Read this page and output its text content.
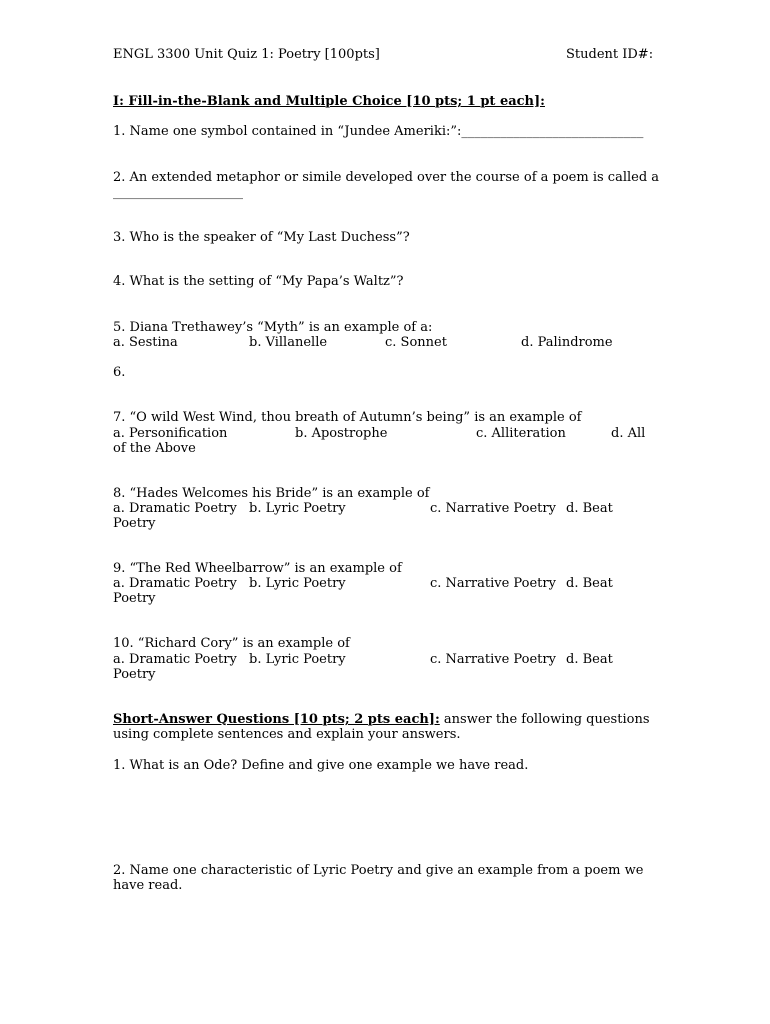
ENGL 3300 Unit Quiz 1: Poetry [100pts]	Student ID#:
I: Fill-in-the-Blank and Multiple Choice [10 pts; 1 pt each]:
1. Name one symbol contained in “Jundee Ameriki:”:____________________________
2. An extended metaphor or simile developed over the course of a poem is called a
____________________
3. Who is the speaker of “My Last Duchess”?
4. What is the setting of “My Papa’s Waltz”?
5. Diana Trethawey’s “Myth” is an example of a:
a. Sestina	b. Villanelle	c. Sonnet	d. Palindrome
6.
7. “O wild West Wind, thou breath of Autumn’s being” is an example of
a. Personification	b. Apostrophe	c. Alliteration	d. All
of the Above
8. “Hades Welcomes his Bride” is an example of
a. Dramatic Poetry b. Lyric Poetry	c. Narrative Poetry d. Beat
Poetry
9. “The Red Wheelbarrow” is an example of
a. Dramatic Poetry b. Lyric Poetry	c. Narrative Poetry d. Beat
Poetry
10. “Richard Cory” is an example of
a. Dramatic Poetry b. Lyric Poetry	c. Narrative Poetry d. Beat
Poetry
Short-Answer Questions [10 pts; 2 pts each]: answer the following questions
using complete sentences and explain your answers.
1. What is an Ode? Define and give one example we have read.
2. Name one characteristic of Lyric Poetry and give an example from a poem we
have read.
